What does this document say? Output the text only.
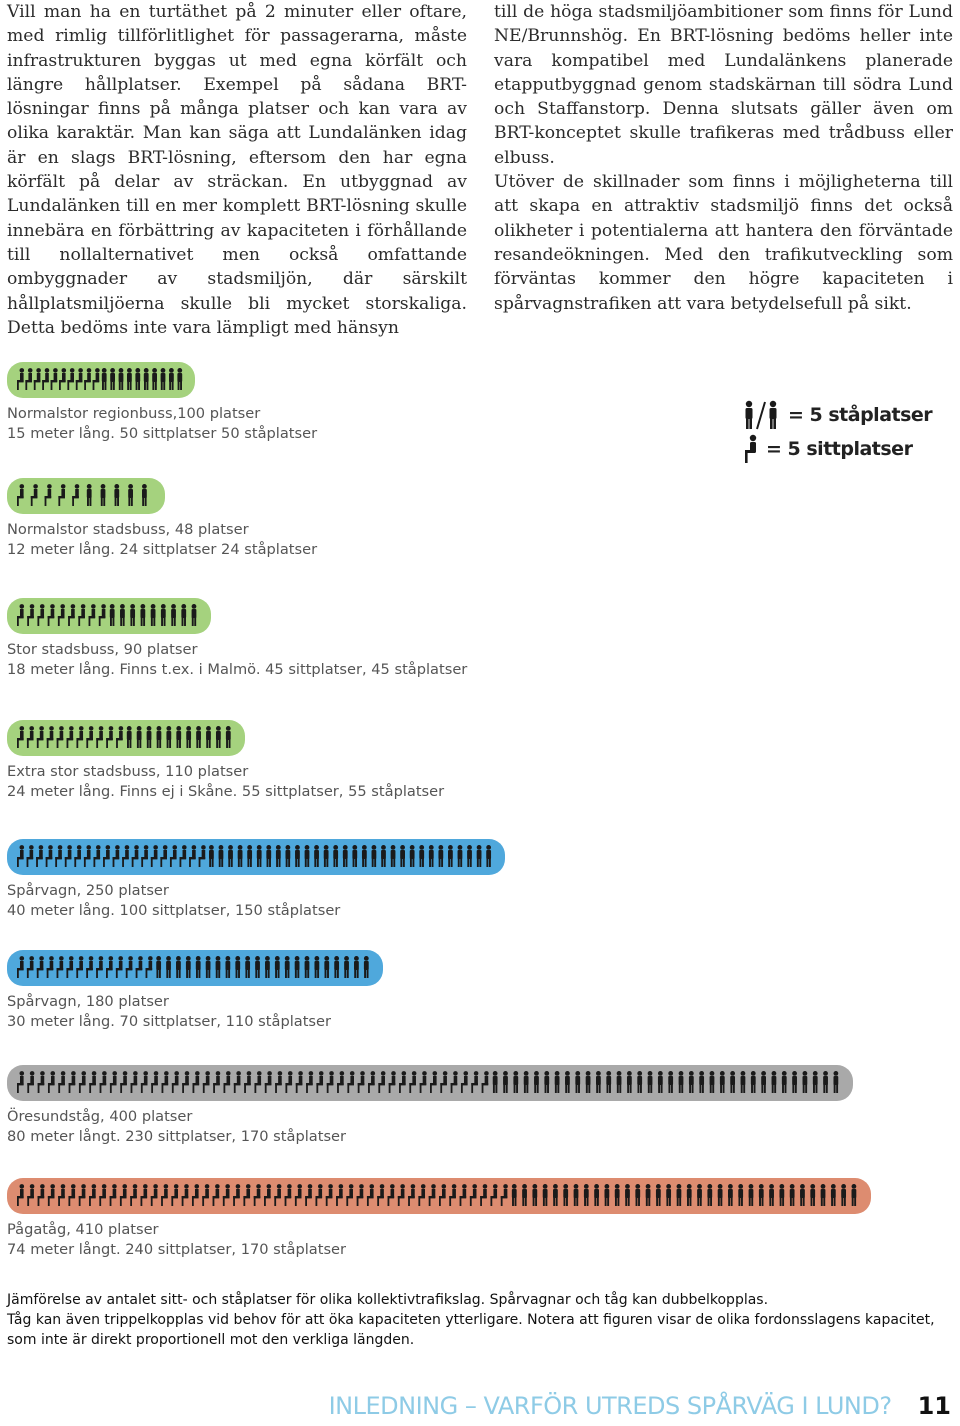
Vill man ha en turtäthet på 2 minuter eller oftare, med rimlig tillförlitlighet för passagerarna, måste infrastrukturen byggas ut med egna körfält och längre hållplatser. Exempel på sådana BRT-lösningar finns på många platser och kan vara av olika karaktär. Man kan säga att Lundalänken idag är en slags BRT-lösning, eftersom den har egna körfält på delar av sträckan. En utbyggnad av Lundalänken till en mer komplett BRT-lösning skulle innebära en förbättring av kapaciteten i förhållande till nollalternativet men också omfattande ombyggnader av stadsmiljön, där särskilt hållplatsmiljöerna skulle bli mycket storskaliga. Detta bedöms inte vara lämpligt med hänsyn

till de höga stadsmiljöambitioner som finns för Lund NE/Brunnshög. En BRT-lösning bedöms heller inte vara kompatibel med Lundalänkens planerade etapputbyggnad genom stadskärnan till södra Lund och Staffanstorp. Denna slutsats gäller även om BRT-konceptet skulle trafikeras med trådbuss eller elbuss.

Utöver de skillnader som finns i möjligheterna till att skapa en attraktiv stadsmiljö finns det också olikheter i potentialerna att hantera den förväntade resandeökningen. Med den trafikutveckling som förväntas kommer den högre kapaciteten i spårvagnstrafiken att vara betydelsefull på sikt.

= 5 ståplatser
= 5 sittplatser
Normalstor regionbuss,100 platser
15 meter lång. 50 sittplatser 50 ståplatser
Normalstor stadsbuss, 48 platser
12 meter lång. 24 sittplatser 24 ståplatser
Stor stadsbuss, 90 platser
18 meter lång. Finns t.ex. i Malmö. 45 sittplatser, 45 ståplatser
Extra stor stadsbuss, 110 platser
24 meter lång. Finns ej i Skåne. 55 sittplatser, 55 ståplatser
Spårvagn, 250 platser
40 meter lång. 100 sittplatser, 150 ståplatser
Spårvagn, 180 platser
30 meter lång. 70 sittplatser, 110 ståplatser
Öresundståg, 400 platser
80 meter långt. 230 sittplatser, 170 ståplatser
Pågatåg, 410 platser
74 meter långt. 240 sittplatser, 170 ståplatser

Jämförelse av antalet sitt- och ståplatser för olika kollektivtrafikslag. Spårvagnar och tåg kan dubbelkopplas.

Tåg kan även trippelkopplas vid behov för att öka kapaciteten ytterligare. Notera att figuren visar de olika fordonsslagens kapacitet, som inte är direkt proportionell mot den verkliga längden.

INLEDNING – VARFÖR UTREDS SPÅRVÄG I LUND? 11
